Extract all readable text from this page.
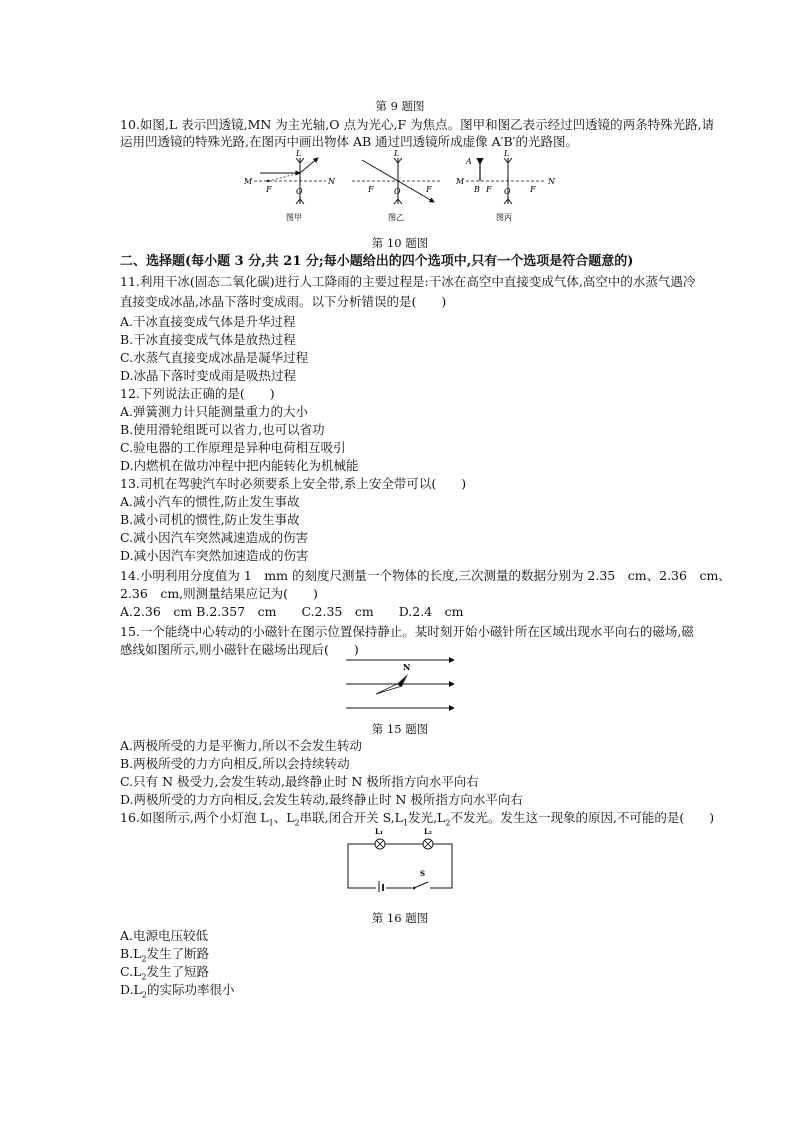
第 9 题图
10.如图,L 表示凹透镜,MN 为主光轴,O 点为光心,F 为焦点。图甲和图乙表示经过凹透镜的两条特殊光路,请
运用凹透镜的特殊光路,在图丙中画出物体 AB 通过凹透镜所成虚像 A′B′的光路图。
M	N
L
O
F
图甲
L
O
F	F
图乙
M	N
A
B F
L
O F
图丙
第 10 题图
二、选择题(每小题 3 分,共 21 分;每小题给出的四个选项中,只有一个选项是符合题意的)
11.利用干冰(固态二氧化碳)进行人工降雨的主要过程是:干冰在高空中直接变成气体,高空中的水蒸气遇冷
直接变成冰晶,冰晶下落时变成雨。以下分析错误的是(　　)
A.干冰直接变成气体是升华过程
B.干冰直接变成气体是放热过程
C.水蒸气直接变成冰晶是凝华过程
D.冰晶下落时变成雨是吸热过程
12.下列说法正确的是(　　)
A.弹簧测力计只能测量重力的大小
B.使用滑轮组既可以省力,也可以省功
C.验电器的工作原理是异种电荷相互吸引
D.内燃机在做功冲程中把内能转化为机械能
13.司机在驾驶汽车时必须要系上安全带,系上安全带可以(　　)
A.减小汽车的惯性,防止发生事故
B.减小司机的惯性,防止发生事故
C.减小因汽车突然减速造成的伤害
D.减小因汽车突然加速造成的伤害
14.小明利用分度值为 1　mm 的刻度尺测量一个物体的长度,三次测量的数据分别为 2.35　cm、2.36　cm、
2.36　cm,则测量结果应记为(　　)
A.2.36　cm B.2.357　cm　　C.2.35　cm　　D.2.4　cm
15.一个能绕中心转动的小磁针在图示位置保持静止。某时刻开始小磁针所在区域出现水平向右的磁场,磁
感线如图所示,则小磁针在磁场出现后(　　)
N
第 15 题图
A.两极所受的力是平衡力,所以不会发生转动
B.两极所受的力方向相反,所以会持续转动
C.只有 N 极受力,会发生转动,最终静止时 N 极所指方向水平向右
D.两极所受的力方向相反,会发生转动,最终静止时 N 极所指方向水平向右
16.如图所示,两个小灯泡 $L_1$、$L_2$串联,闭合开关 $S,L_1$发光$,L_2$不发光。发生这一现象的原因,不可能的是(　　)
L₁	L₂
S
第 16 题图
A.电源电压较低
$B.L_2$发生了断路
$C.L_2$发生了短路
$D.L_2$的实际功率很小
